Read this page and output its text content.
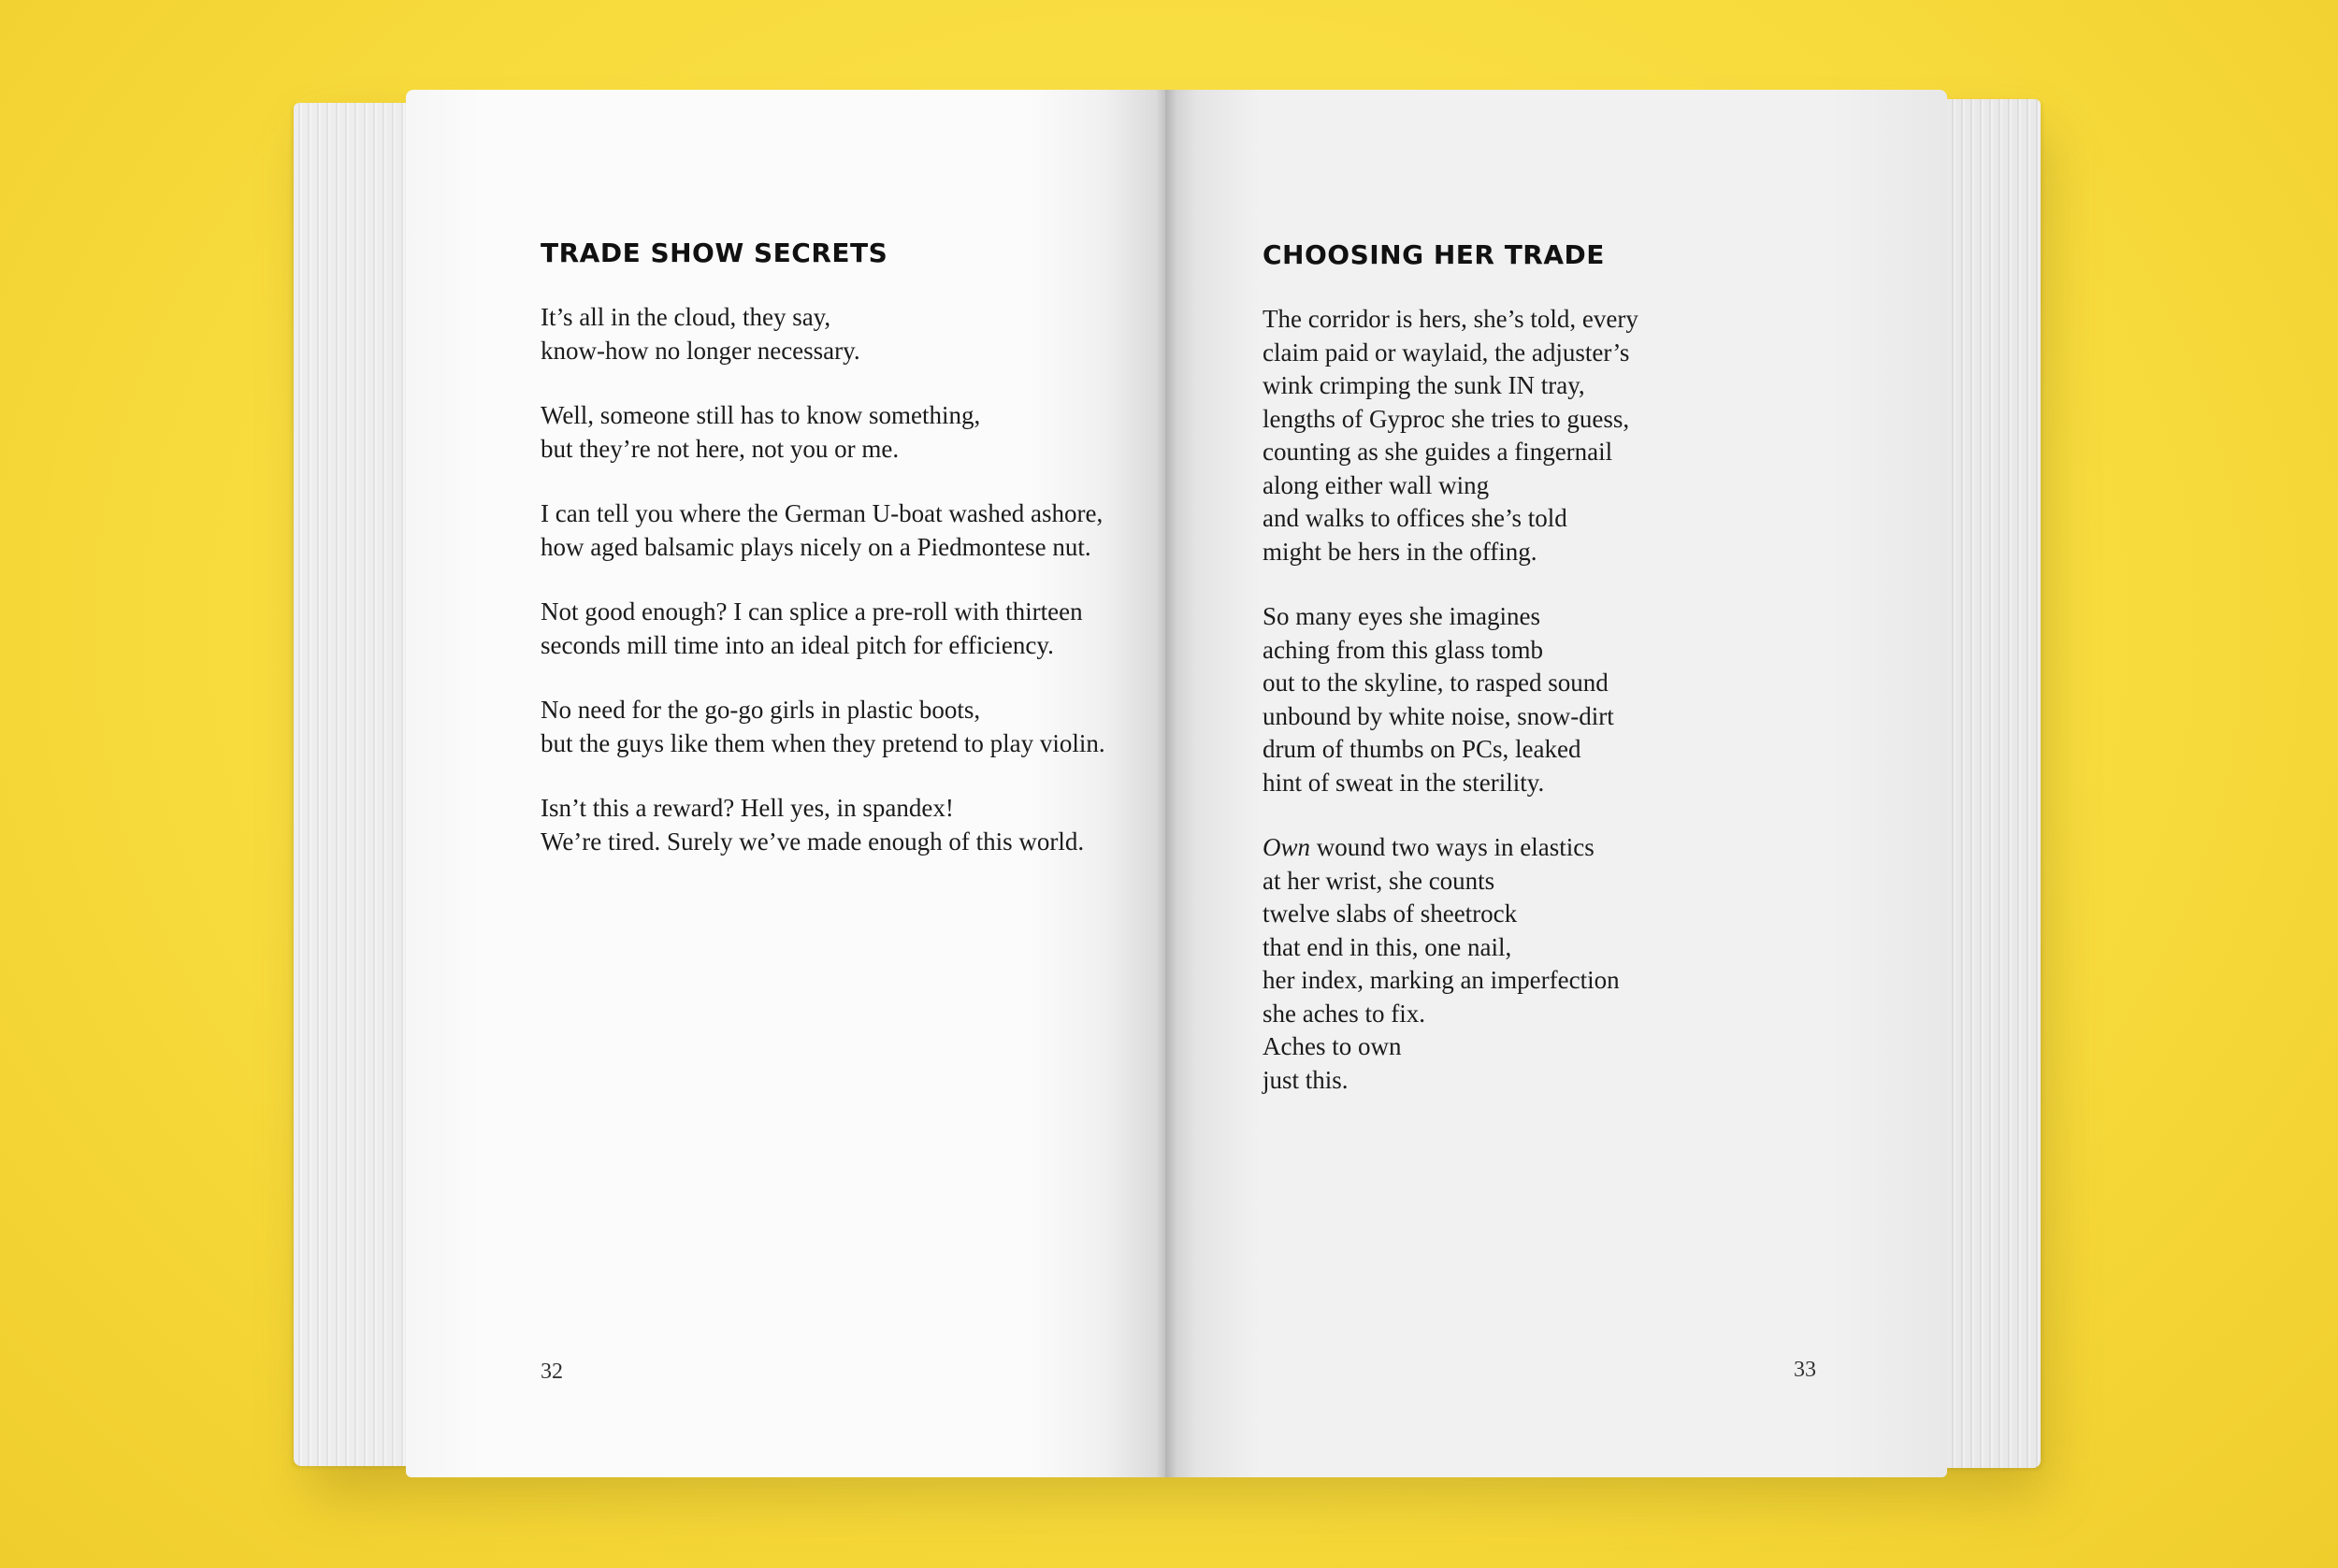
TRADE SHOW SECRETS

It’s all in the cloud, they say,
know-how no longer necessary.

Well, someone still has to know something,
but they’re not here, not you or me.

I can tell you where the German U-boat washed ashore,
how aged balsamic plays nicely on a Piedmontese nut.

Not good enough? I can splice a pre-roll with thirteen
seconds mill time into an ideal pitch for efficiency.

No need for the go-go girls in plastic boots,
but the guys like them when they pretend to play violin.

Isn’t this a reward? Hell yes, in spandex!
We’re tired. Surely we’ve made enough of this world.

32
CHOOSING HER TRADE

The corridor is hers, she’s told, every
claim paid or waylaid, the adjuster’s
wink crimping the sunk IN tray,
lengths of Gyproc she tries to guess,
counting as she guides a fingernail
along either wall wing
and walks to offices she’s told
might be hers in the offing.

So many eyes she imagines
aching from this glass tomb
out to the skyline, to rasped sound
unbound by white noise, snow-dirt
drum of thumbs on PCs, leaked
hint of sweat in the sterility.

Own wound two ways in elastics
at her wrist, she counts
twelve slabs of sheetrock
that end in this, one nail,
her index, marking an imperfection
she aches to fix.
Aches to own
just this.

33
